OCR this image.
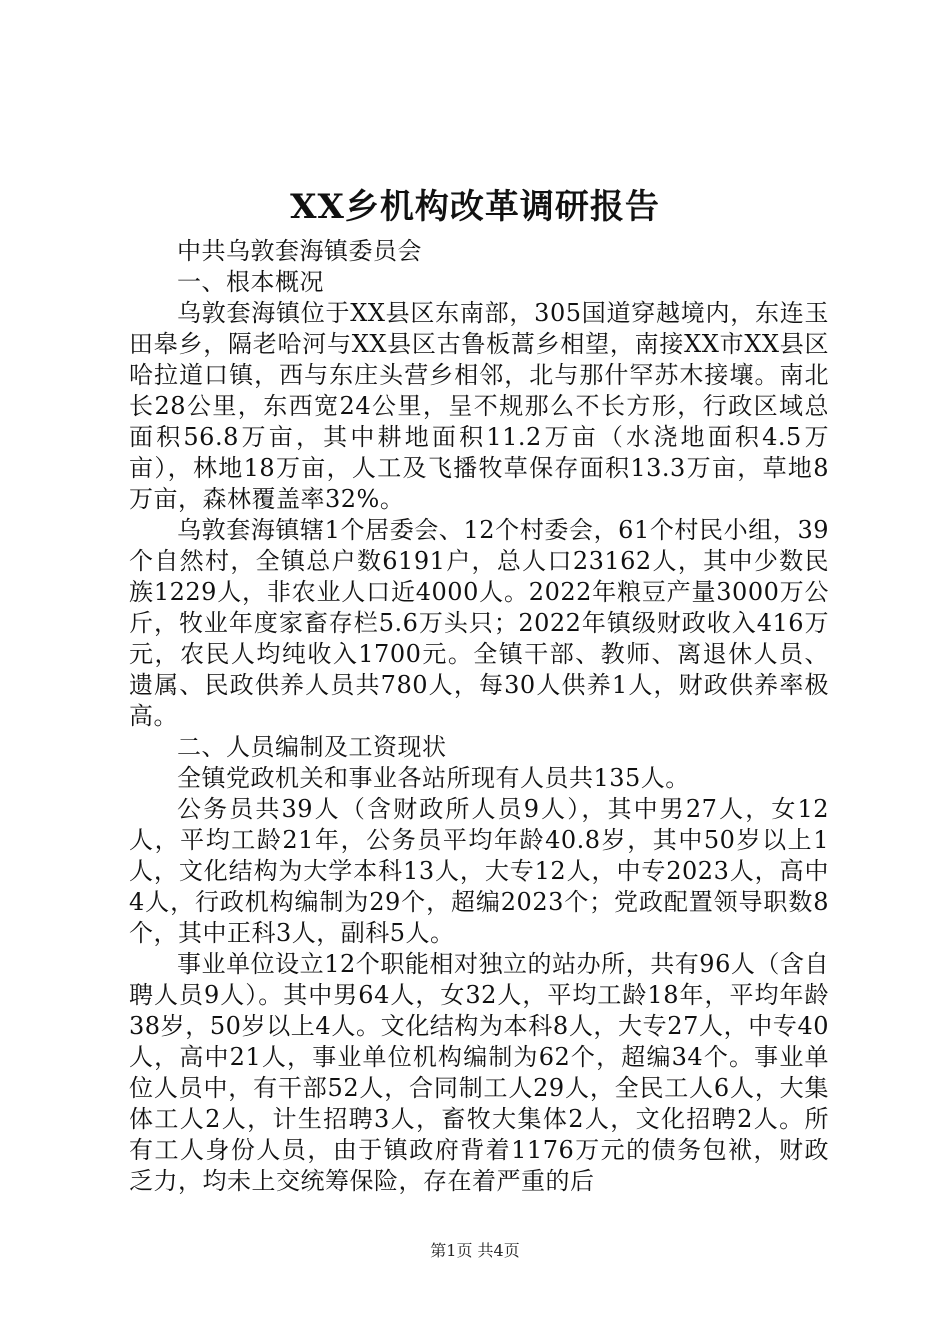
XX乡机构改革调研报告

中共乌敦套海镇委员会

一、根本概况

乌敦套海镇位于XX县区东南部，305国道穿越境内，东连玉田皋乡，隔老哈河与XX县区古鲁板蒿乡相望，南接XX市XX县区哈拉道口镇，西与东庄头营乡相邻，北与那什罕苏木接壤。南北长28公里，东西宽24公里，呈不规那么不长方形，行政区域总面积56.8万亩，其中耕地面积11.2万亩（水浇地面积4.5万亩），林地18万亩，人工及飞播牧草保存面积13.3万亩，草地8万亩，森林覆盖率32%。

乌敦套海镇辖1个居委会、12个村委会，61个村民小组，39个自然村，全镇总户数6191户，总人口23162人，其中少数民族1229人，非农业人口近4000人。2022年粮豆产量3000万公斤，牧业年度家畜存栏5.6万头只；2022年镇级财政收入416万元，农民人均纯收入1700元。全镇干部、教师、离退休人员、遗属、民政供养人员共780人，每30人供养1人，财政供养率极高。

二、人员编制及工资现状

全镇党政机关和事业各站所现有人员共135人。

公务员共39人（含财政所人员9人），其中男27人，女12人，平均工龄21年，公务员平均年龄40.8岁，其中50岁以上1人，文化结构为大学本科13人，大专12人，中专2023人，高中4人，行政机构编制为29个，超编2023个；党政配置领导职数8个，其中正科3人，副科5人。

事业单位设立12个职能相对独立的站办所，共有96人（含自聘人员9人）。其中男64人，女32人，平均工龄18年，平均年龄38岁，50岁以上4人。文化结构为本科8人，大专27人，中专40人，高中21人，事业单位机构编制为62个，超编34个。事业单位人员中，有干部52人，合同制工人29人，全民工人6人，大集体工人2人，计生招聘3人，畜牧大集体2人，文化招聘2人。所有工人身份人员，由于镇政府背着1176万元的债务包袱，财政乏力，均未上交统筹保险，存在着严重的后

第1页 共4页
